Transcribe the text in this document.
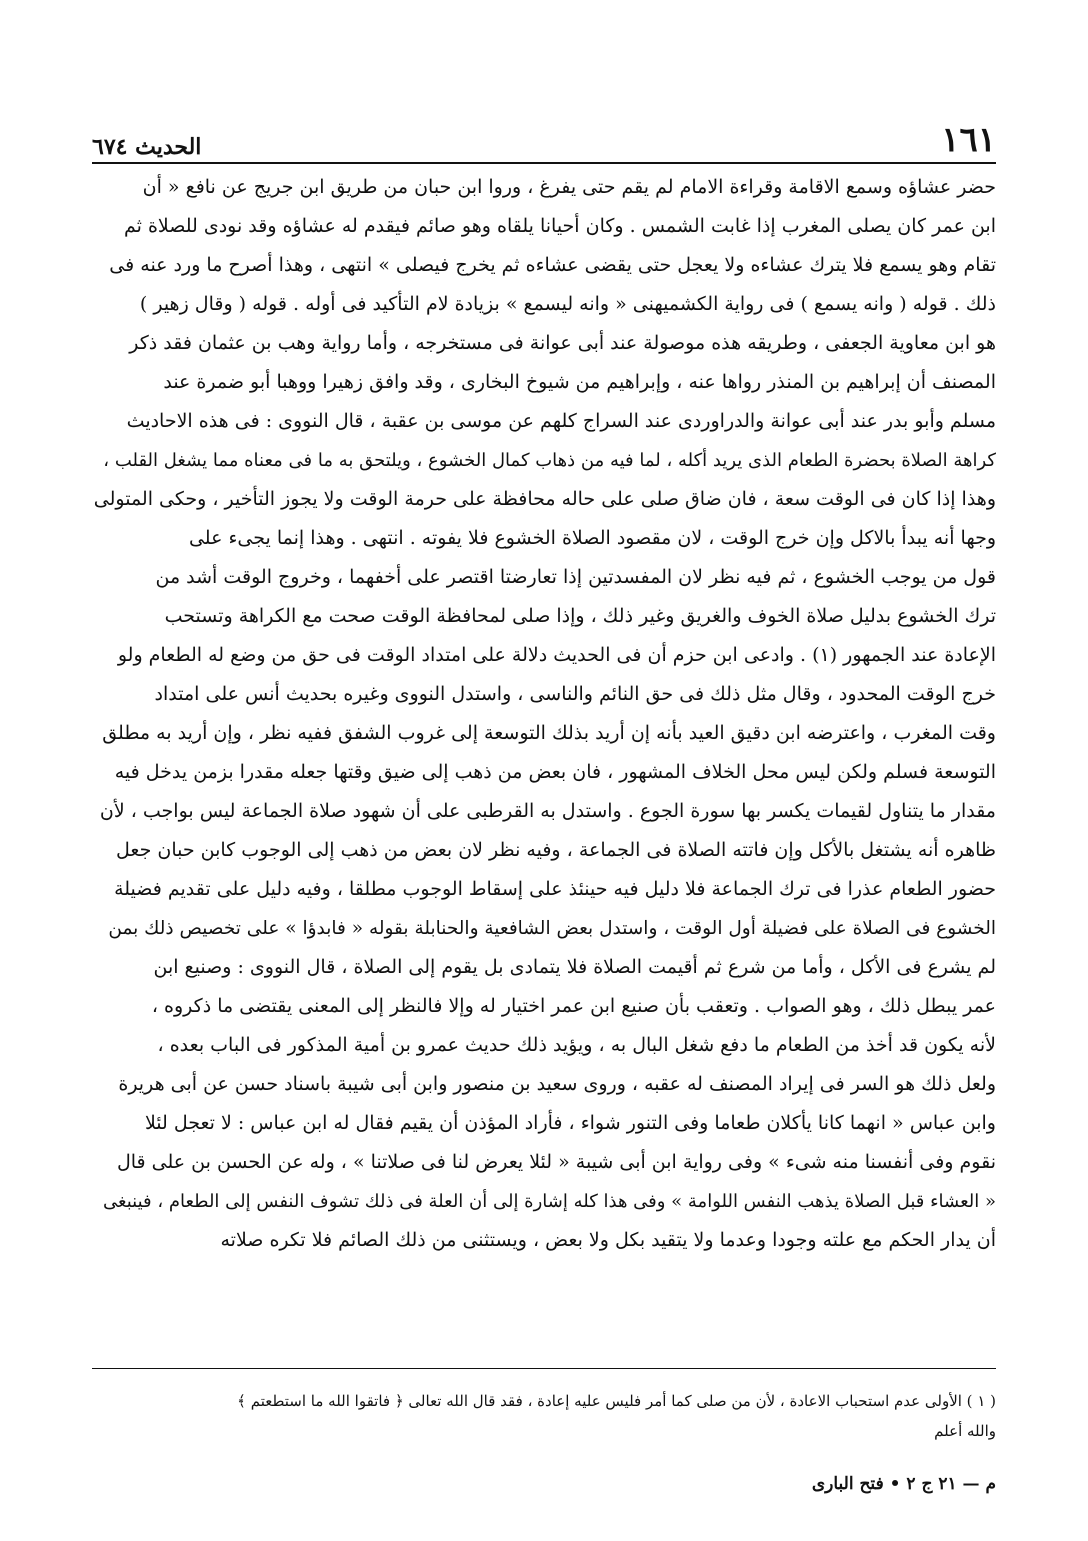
١٦١
الحديث ٦٧٤
حضر عشاؤه وسمع الاقامة وقراءة الامام لم يقم حتى يفرغ ، وروا ابن حبان من طريق ابن جريج عن نافع « أن
ابن عمر كان يصلى المغرب إذا غابت الشمس . وكان أحيانا يلقاه وهو صائم فيقدم له عشاؤه وقد نودى للصلاة ثم
تقام وهو يسمع فلا يترك عشاءه ولا يعجل حتى يقضى عشاءه ثم يخرج فيصلى » انتهى ، وهذا أصرح ما ورد عنه فى
ذلك . قوله ( وانه يسمع ) فى رواية الكشميهنى « وانه ليسمع » بزيادة لام التأكيد فى أوله . قوله ( وقال زهير )
هو ابن معاوية الجعفى ، وطريقه هذه موصولة عند أبى عوانة فى مستخرجه ، وأما رواية وهب بن عثمان فقد ذكر
المصنف أن إبراهيم بن المنذر رواها عنه ، وإبراهيم من شيوخ البخارى ، وقد وافق زهيرا ووهبا أبو ضمرة عند
مسلم وأبو بدر عند أبى عوانة والدراوردى عند السراج كلهم عن موسى بن عقبة ، قال النووى : فى هذه الاحاديث
كراهة الصلاة بحضرة الطعام الذى يريد أكله ، لما فيه من ذهاب كمال الخشوع ، ويلتحق به ما فى معناه مما يشغل القلب ،
وهذا إذا كان فى الوقت سعة ، فان ضاق صلى على حاله محافظة على حرمة الوقت ولا يجوز التأخير ، وحكى المتولى
وجها أنه يبدأ بالاكل وإن خرج الوقت ، لان مقصود الصلاة الخشوع فلا يفوته . انتهى . وهذا إنما يجىء على
قول من يوجب الخشوع ، ثم فيه نظر لان المفسدتين إذا تعارضتا اقتصر على أخفهما ، وخروج الوقت أشد من
ترك الخشوع بدليل صلاة الخوف والغريق وغير ذلك ، وإذا صلى لمحافظة الوقت صحت مع الكراهة وتستحب
الإعادة عند الجمهور (١) . وادعى ابن حزم أن فى الحديث دلالة على امتداد الوقت فى حق من وضع له الطعام ولو
خرج الوقت المحدود ، وقال مثل ذلك فى حق النائم والناسى ، واستدل النووى وغيره بحديث أنس على امتداد
وقت المغرب ، واعترضه ابن دقيق العيد بأنه إن أريد بذلك التوسعة إلى غروب الشفق ففيه نظر ، وإن أريد به مطلق
التوسعة فسلم ولكن ليس محل الخلاف المشهور ، فان بعض من ذهب إلى ضيق وقتها جعله مقدرا بزمن يدخل فيه
مقدار ما يتناول لقيمات يكسر بها سورة الجوع . واستدل به القرطبى على أن شهود صلاة الجماعة ليس بواجب ، لأن
ظاهره أنه يشتغل بالأكل وإن فاتته الصلاة فى الجماعة ، وفيه نظر لان بعض من ذهب إلى الوجوب كابن حبان جعل
حضور الطعام عذرا فى ترك الجماعة فلا دليل فيه حينئذ على إسقاط الوجوب مطلقا ، وفيه دليل على تقديم فضيلة
الخشوع فى الصلاة على فضيلة أول الوقت ، واستدل بعض الشافعية والحنابلة بقوله « فابدؤا » على تخصيص ذلك بمن
لم يشرع فى الأكل ، وأما من شرع ثم أقيمت الصلاة فلا يتمادى بل يقوم إلى الصلاة ، قال النووى : وصنيع ابن
عمر يبطل ذلك ، وهو الصواب . وتعقب بأن صنيع ابن عمر اختيار له وإلا فالنظر إلى المعنى يقتضى ما ذكروه ،
لأنه يكون قد أخذ من الطعام ما دفع شغل البال به ، ويؤيد ذلك حديث عمرو بن أمية المذكور فى الباب بعده ،
ولعل ذلك هو السر فى إيراد المصنف له عقبه ، وروى سعيد بن منصور وابن أبى شيبة باسناد حسن عن أبى هريرة
وابن عباس « انهما كانا يأكلان طعاما وفى التنور شواء ، فأراد المؤذن أن يقيم فقال له ابن عباس : لا تعجل لئلا
نقوم وفى أنفسنا منه شىء » وفى رواية ابن أبى شيبة « لئلا يعرض لنا فى صلاتنا » ، وله عن الحسن بن على قال
« العشاء قبل الصلاة يذهب النفس اللوامة » وفى هذا كله إشارة إلى أن العلة فى ذلك تشوف النفس إلى الطعام ، فينبغى
أن يدار الحكم مع علته وجودا وعدما ولا يتقيد بكل ولا بعض ، ويستثنى من ذلك الصائم فلا تكره صلاته
( ١ ) الأولى عدم استحباب الاعادة ، لأن من صلى كما أمر فليس عليه إعادة ، فقد قال الله تعالى ﴿ فاتقوا الله ما استطعتم ﴾
والله أعلم
م — ٢١ ج ٢ • فتح البارى
